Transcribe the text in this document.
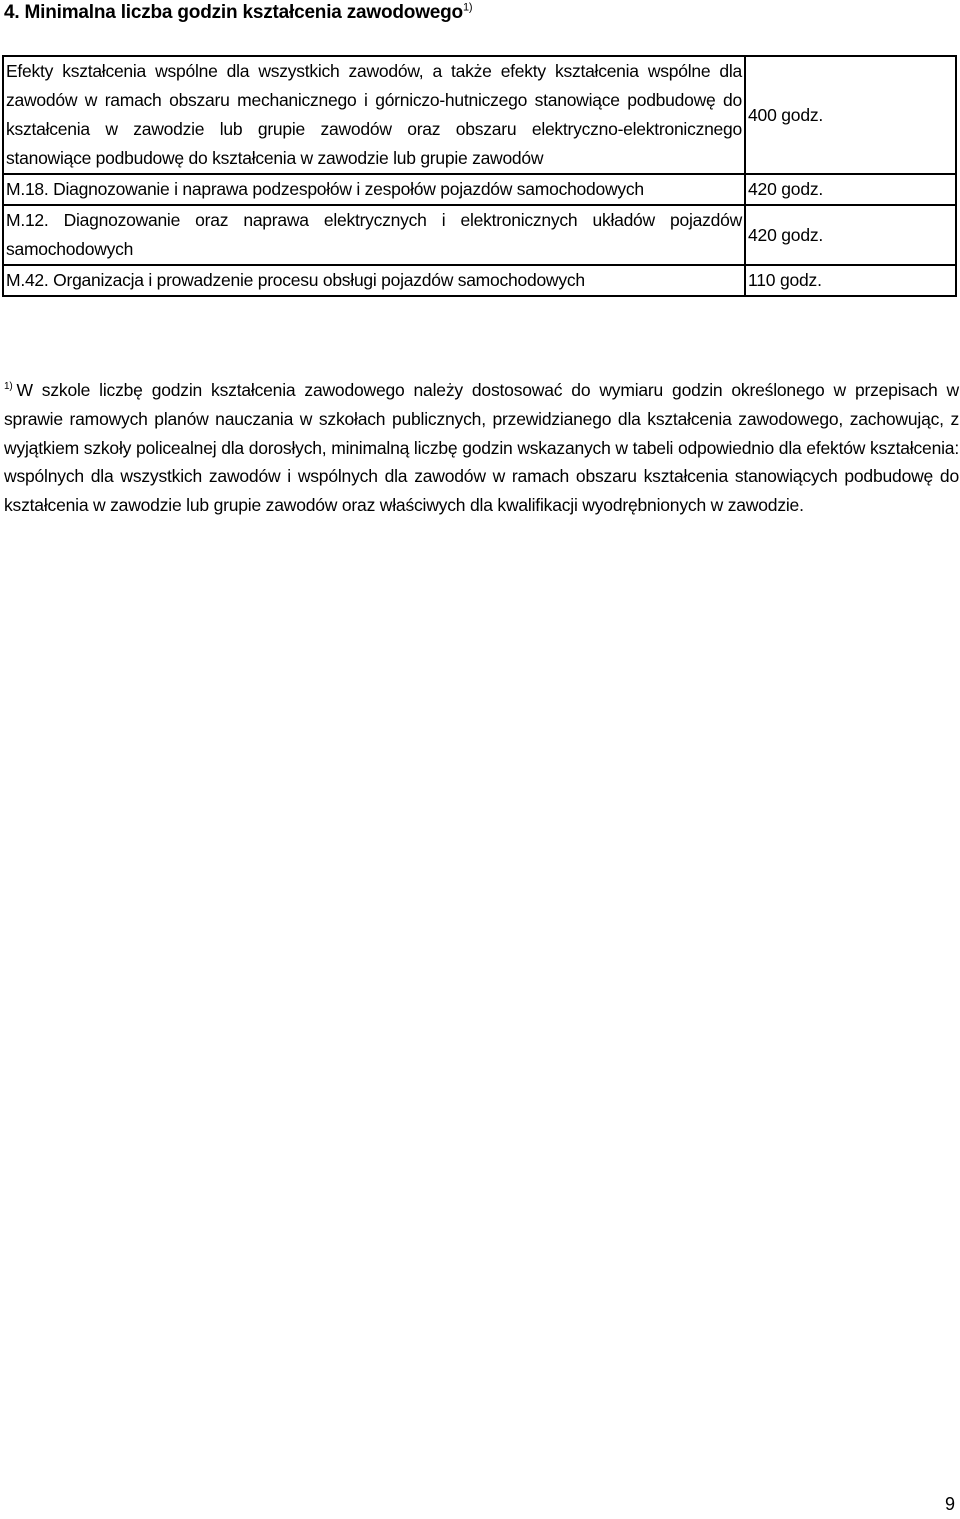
4. Minimalna liczba godzin kształcenia zawodowego$^{1)}$
Efekty kształcenia wspólne dla wszystkich zawodów, a także efekty kształcenia wspólne dla zawodów w ramach obszaru mechanicznego i górniczo-hutniczego stanowiące podbudowę do kształcenia w zawodzie lub grupie zawodów oraz obszaru elektryczno-elektronicznego stanowiące podbudowę do kształcenia w zawodzie lub grupie zawodów	400 godz.
M.18. Diagnozowanie i naprawa podzespołów i zespołów pojazdów samochodowych	420 godz.
M.12. Diagnozowanie oraz naprawa elektrycznych i elektronicznych układów pojazdów samochodowych	420 godz.
M.42. Organizacja i prowadzenie procesu obsługi pojazdów samochodowych	110 godz.
$^{1)}$ W szkole liczbę godzin kształcenia zawodowego należy dostosować do wymiaru godzin określonego w przepisach w sprawie ramowych planów nauczania w szkołach publicznych, przewidzianego dla kształcenia zawodowego, zachowując, z wyjątkiem szkoły policealnej dla dorosłych, minimalną liczbę godzin wskazanych w tabeli odpowiednio dla efektów kształcenia: wspólnych dla wszystkich zawodów i wspólnych dla zawodów w ramach obszaru kształcenia stanowiących podbudowę do kształcenia w zawodzie lub grupie zawodów oraz właściwych dla kwalifikacji wyodrębnionych w zawodzie.
9
